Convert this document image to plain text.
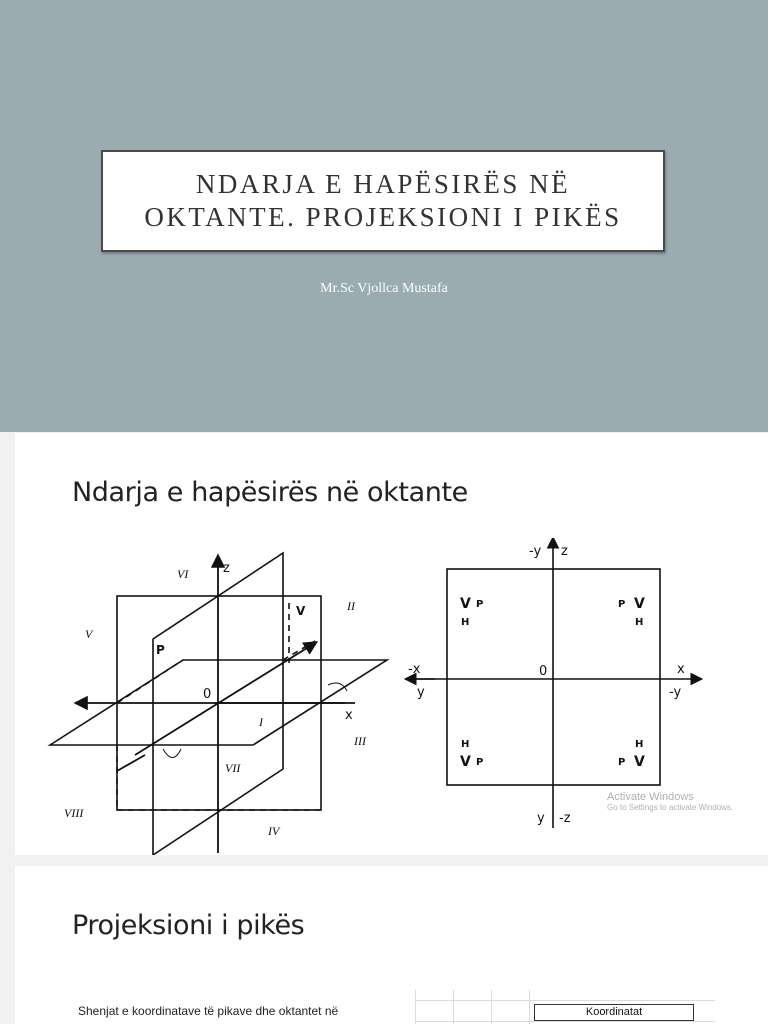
NDARJA E HAPËSIRËS NË
OKTANTE. PROJEKSIONI I PIKËS
Mr.Sc Vjollca Mustafa
Ndarja e hapësirës në oktante
VI	z
II
V
V
P
0
x
I
III
VII
VIII
IV
-y z
-x
y
x
-y
y -z
0
V P
H
P V
H
H
V P
H
P V
Activate Windows
Go to Settings to activate Windows.
Projeksioni i pikës
Shenjat e koordinatave të pikave dhe oktantet në	Koordinatat
